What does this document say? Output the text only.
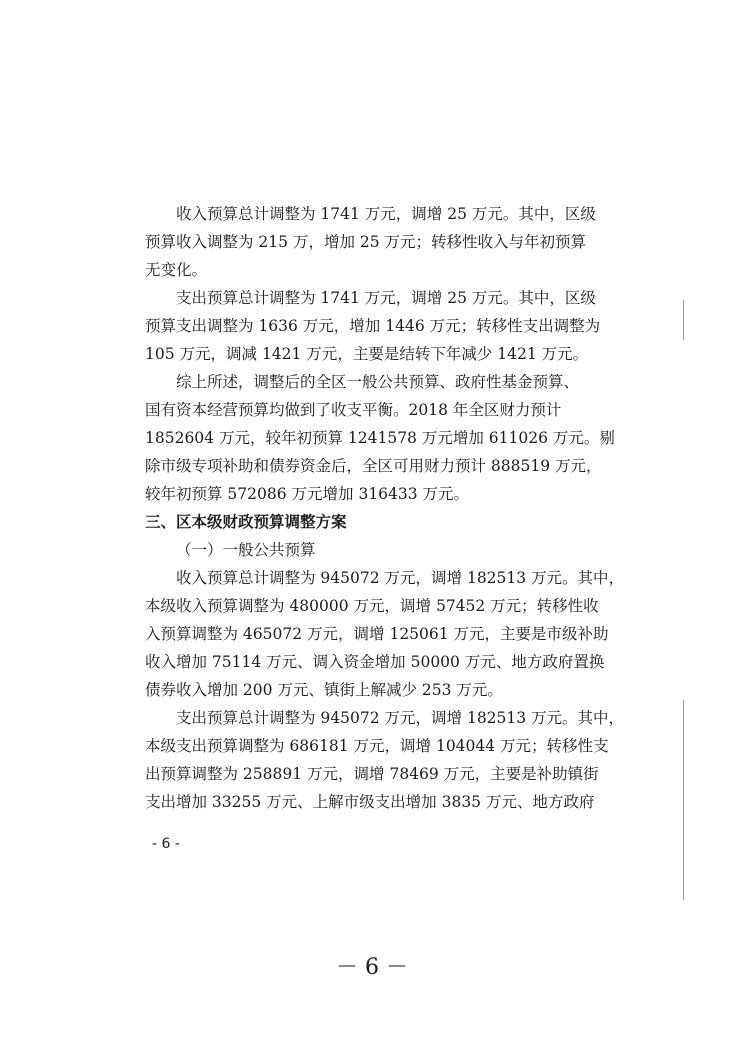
收入预算总计调整为 1741 万元，调增 25 万元。其中，区级
预算收入调整为 215 万，增加 25 万元；转移性收入与年初预算
无变化。

支出预算总计调整为 1741 万元，调增 25 万元。其中，区级
预算支出调整为 1636 万元，增加 1446 万元；转移性支出调整为
105 万元，调减 1421 万元，主要是结转下年减少 1421 万元。

综上所述，调整后的全区一般公共预算、政府性基金预算、
国有资本经营预算均做到了收支平衡。2018 年全区财力预计
1852604 万元，较年初预算 1241578 万元增加 611026 万元。剔
除市级专项补助和债券资金后，全区可用财力预计 888519 万元，
较年初预算 572086 万元增加 316433 万元。

三、区本级财政预算调整方案
（一）一般公共预算

收入预算总计调整为 945072 万元，调增 182513 万元。其中，
本级收入预算调整为 480000 万元，调增 57452 万元；转移性收
入预算调整为 465072 万元，调增 125061 万元，主要是市级补助
收入增加 75114 万元、调入资金增加 50000 万元、地方政府置换
债券收入增加 200 万元、镇街上解减少 253 万元。

支出预算总计调整为 945072 万元，调增 182513 万元。其中，
本级支出预算调整为 686181 万元，调增 104044 万元；转移性支
出预算调整为 258891 万元，调增 78469 万元，主要是补助镇街
支出增加 33255 万元、上解市级支出增加 3835 万元、地方政府

- 6 -
－ 6 －
